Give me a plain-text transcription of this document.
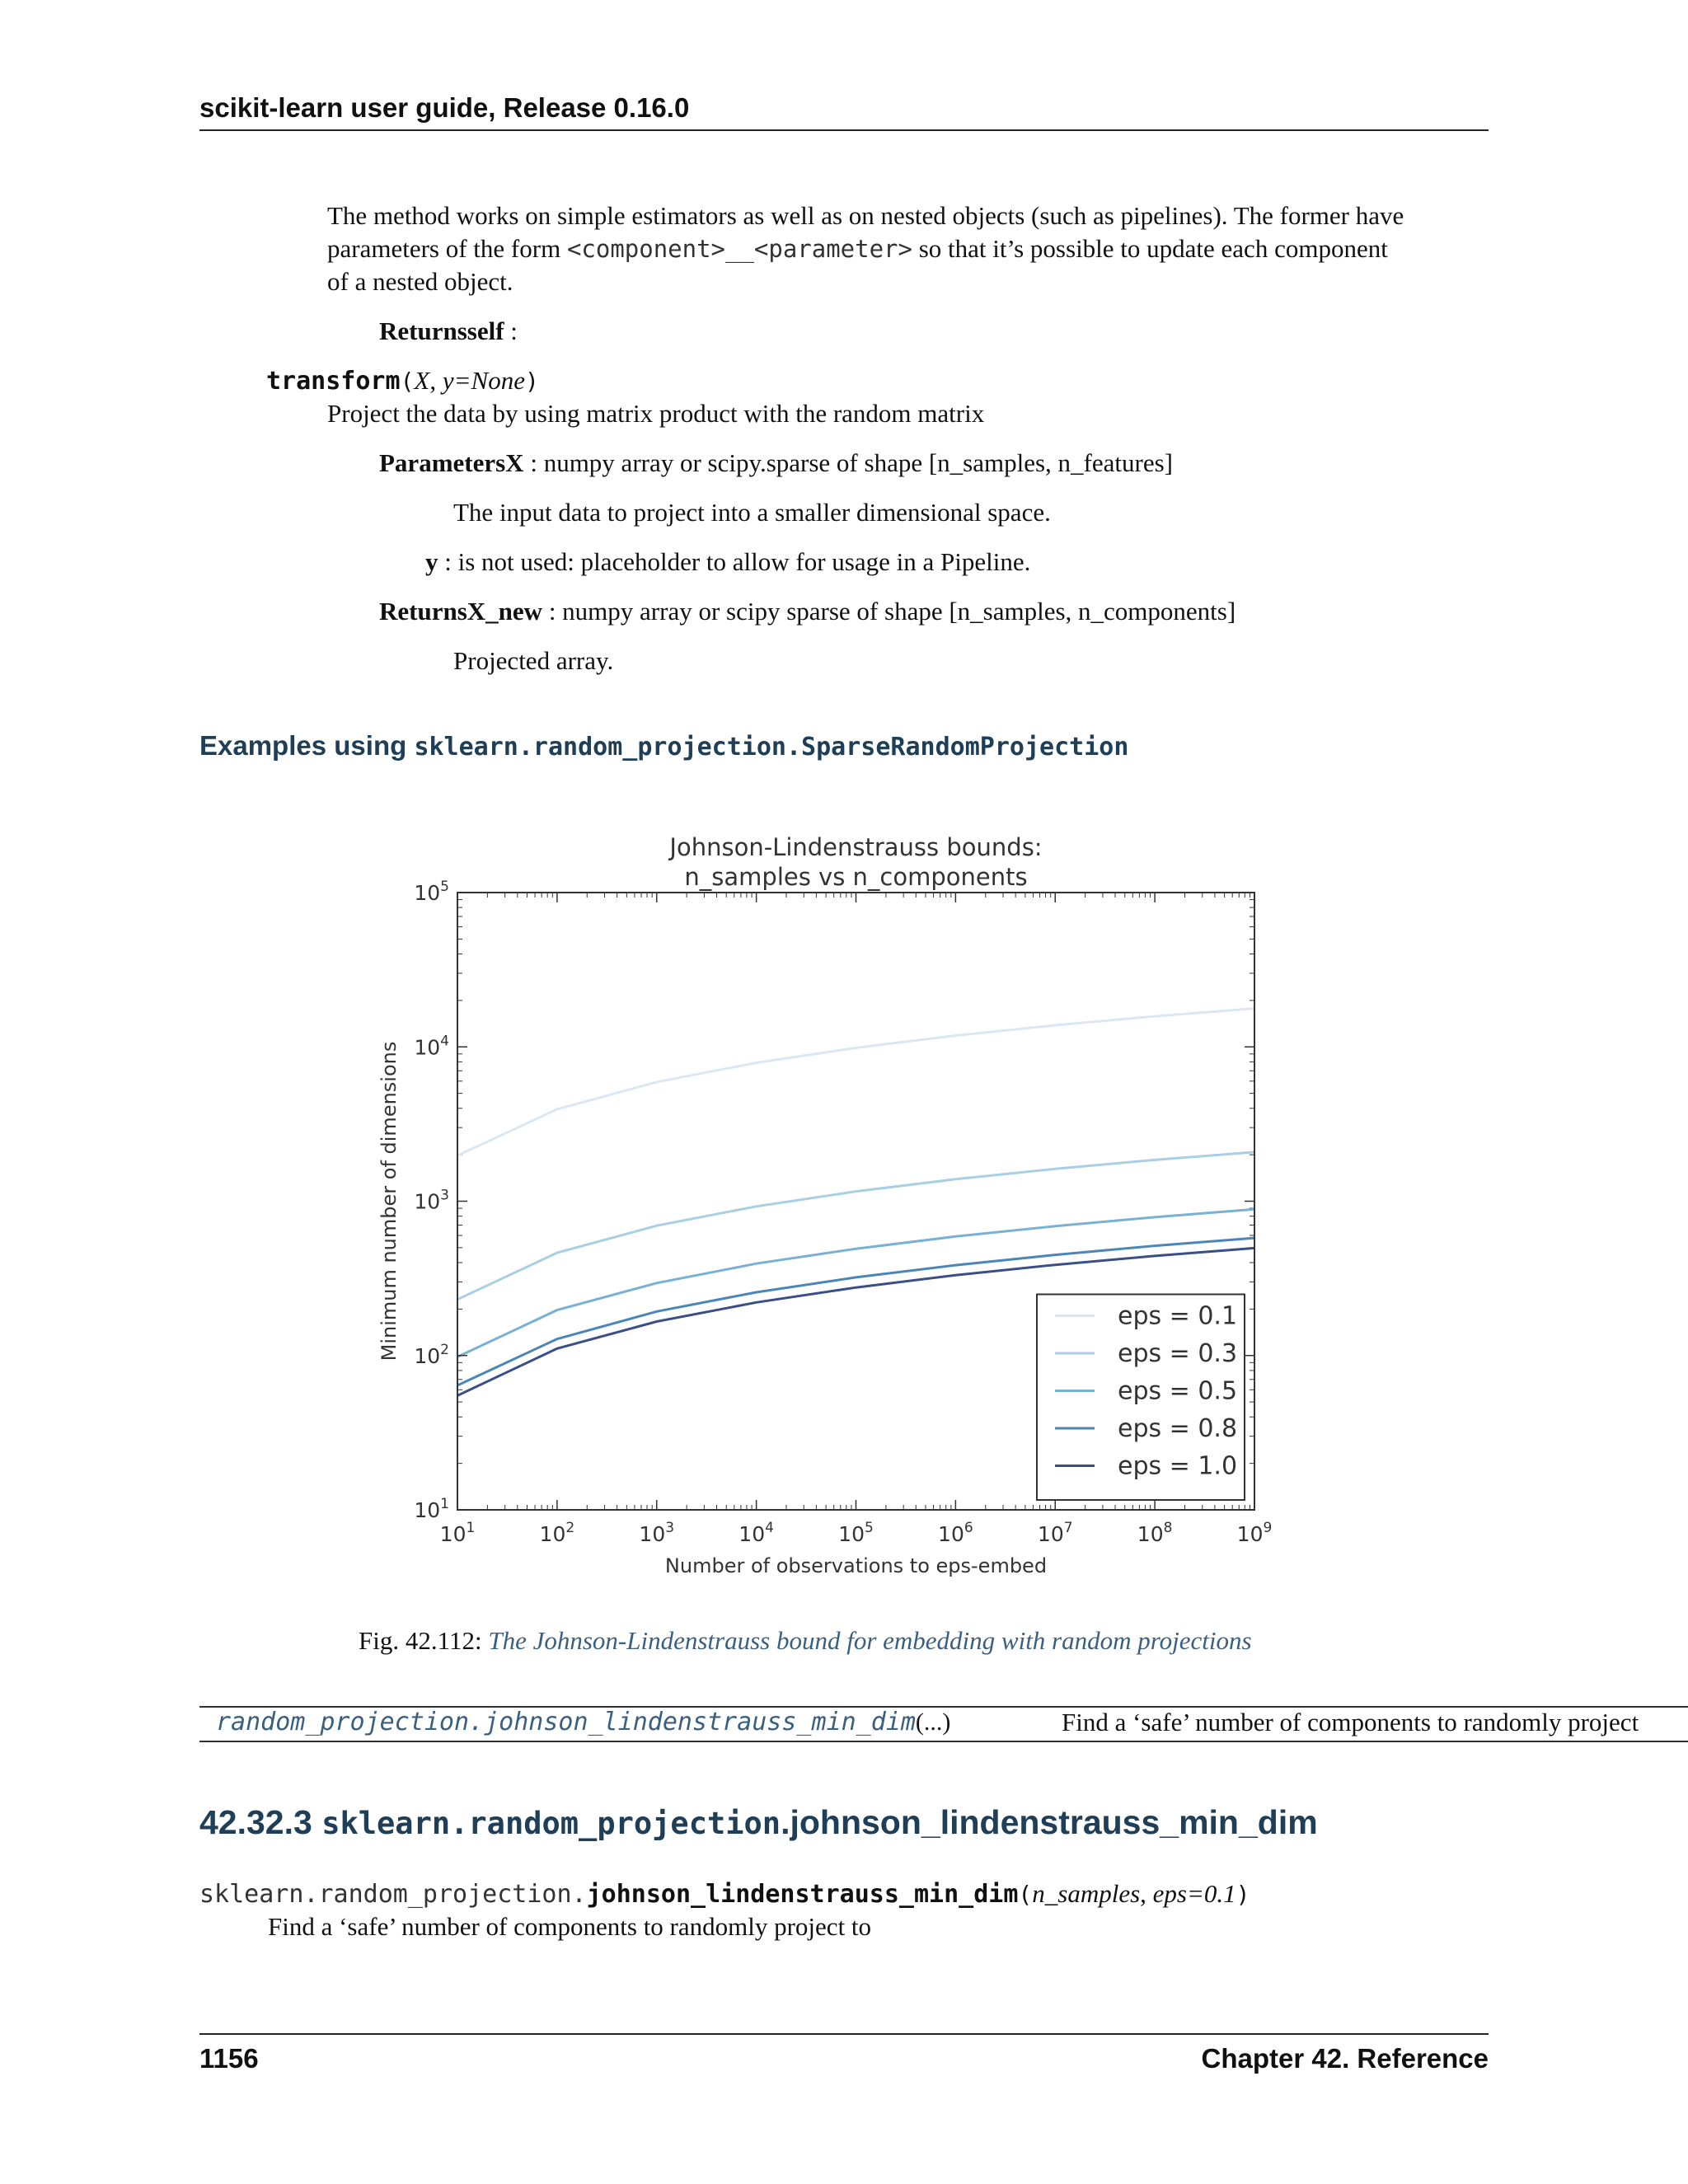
scikit-learn user guide, Release 0.16.0
The method works on simple estimators as well as on nested objects (such as pipelines). The former have
parameters of the form <component>__<parameter> so that it’s possible to update each component
of a nested object.
Returnsself :
transform(X, y=None)
Project the data by using matrix product with the random matrix
ParametersX : numpy array or scipy.sparse of shape [n_samples, n_features]
The input data to project into a smaller dimensional space.
y : is not used: placeholder to allow for usage in a Pipeline.
ReturnsX_new : numpy array or scipy sparse of shape [n_samples, n_components]
Projected array.
Examples using sklearn.random_projection.SparseRandomProjection
Johnson-Lindenstrauss bounds:
n_samples vs n_components
$10^1$	$10^2$	$10^3$	$10^4$	$10^5$	$10^6$	$10^7$	$10^8$	$10^9$
$10^1$
$10^2$
$10^3$
$10^4$
$10^5$
Number of observations to eps-embed
Minimum number of dimensions	eps = 0.1
eps = 0.3
eps = 0.5
eps = 0.8
eps = 1.0
Fig. 42.112: The Johnson-Lindenstrauss bound for embedding with random projections
random_projection.johnson_lindenstrauss_min_dim(...)	Find a ‘safe’ number of components to randomly project
42.32.3 sklearn.random_projection.johnson_lindenstrauss_min_dim
sklearn.random_projection.johnson_lindenstrauss_min_dim(n_samples, eps=0.1)
Find a ‘safe’ number of components to randomly project to
1156	Chapter 42. Reference
